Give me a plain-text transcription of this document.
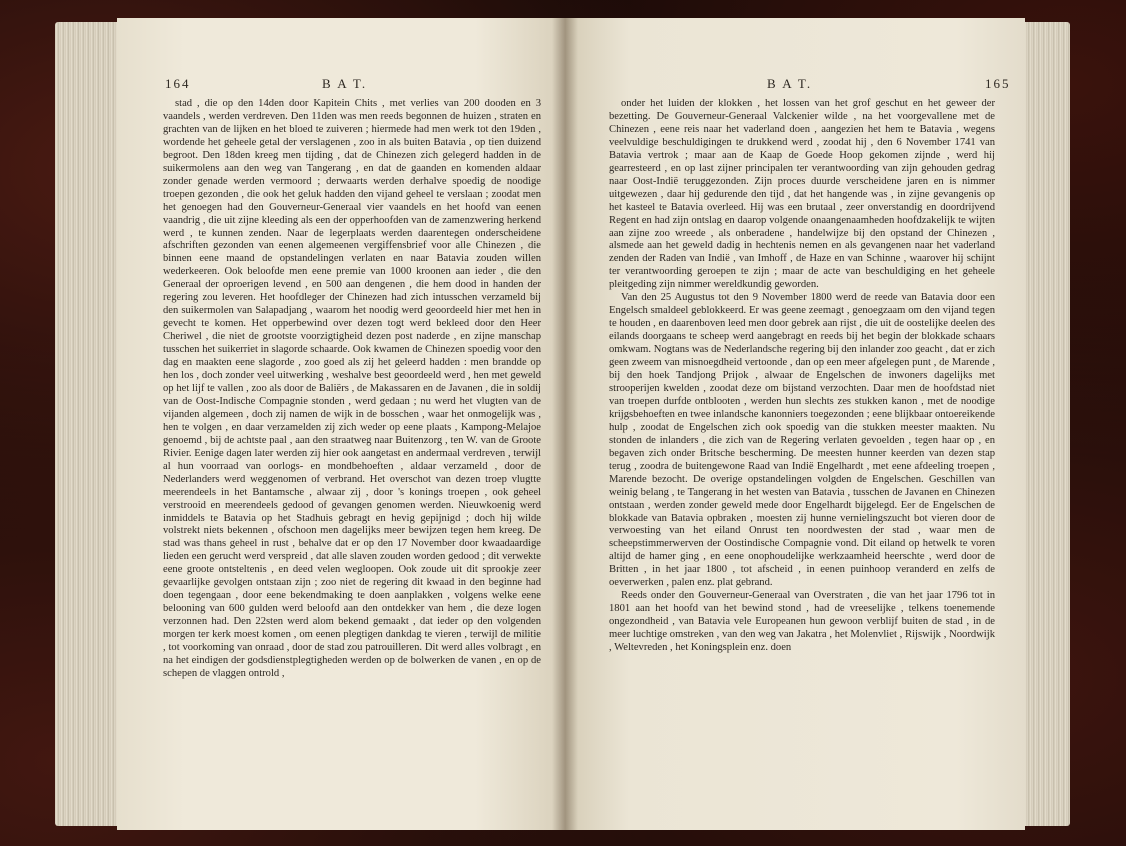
164	B A T.

stad , die op den 14den door Kapitein Chits , met verlies van 200 dooden en 3 vaandels , werden verdreven. Den 11den was men reeds begonnen de huizen , straten en grachten van de lijken en het bloed te zuiveren ; hiermede had men werk tot den 19den , wordende het geheele getal der verslagenen , zoo in als buiten Batavia , op tien duizend begroot. Den 18den kreeg men tijding , dat de Chinezen zich gelegerd hadden in de suikermolens aan den weg van Tangerang , en dat de gaanden en komenden aldaar zonder genade werden vermoord ; derwaarts werden derhalve spoedig de noodige troepen gezonden , die ook het geluk hadden den vijand geheel te verslaan ; zoodat men het genoegen had den Gouverneur-Generaal vier vaandels en het hoofd van eenen vaandrig , die uit zijne kleeding als een der opperhoofden van de zamenzwering herkend werd , te kunnen zenden. Naar de legerplaats werden daarentegen onderscheidene afschriften gezonden van eenen algemeenen vergiffensbrief voor alle Chinezen , die binnen eene maand de opstandelingen verlaten en naar Batavia zouden willen wederkeeren. Ook beloofde men eene premie van 1000 kroonen aan ieder , die den Generaal der oproerigen levend , en 500 aan dengenen , die hem dood in handen der regering zou leveren. Het hoofdleger der Chinezen had zich intusschen verzameld bij den suikermolen van Salapadjang , waarom het noodig werd geoordeeld hier met hen in gevecht te komen. Het opperbewind over dezen togt werd bekleed door den Heer Cheriwel , die niet de grootste voorzigtigheid dezen post naderde , en zijne manschap tusschen het suikerriet in slagorde schaarde. Ook kwamen de Chinezen spoedig voor den dag en maakten eene slagorde , zoo goed als zij het geleerd hadden : men brandde op hen los , doch zonder veel uitwerking , weshalve best geoordeeld werd , hen met geweld op het lijf te vallen , zoo als door de Baliërs , de Makassaren en de Javanen , die in soldij van de Oost-Indische Compagnie stonden , werd gedaan ; nu werd het vlugten van de vijanden algemeen , doch zij namen de wijk in de bosschen , waar het onmogelijk was , hen te volgen , en daar verzamelden zij zich weder op eene plaats , Kampong-Melajoe genoemd , bij de achtste paal , aan den straatweg naar Buitenzorg , ten W. van de Groote Rivier. Eenige dagen later werden zij hier ook aangetast en andermaal verdreven , terwijl al hun voorraad van oorlogs- en mondbehoeften , aldaar verzameld , door de Nederlanders werd weggenomen of verbrand. Het overschot van dezen troep vlugtte meerendeels in het Bantamsche , alwaar zij , door 's konings troepen , ook geheel verstrooid en meerendeels gedood of gevangen genomen werden. Nieuwkoenig werd inmiddels te Batavia op het Stadhuis gebragt en hevig gepijnigd ; doch hij wilde volstrekt niets bekennen , ofschoon men dagelijks meer bewijzen tegen hem kreeg. De stad was thans geheel in rust , behalve dat er op den 17 November door kwaadaardige lieden een gerucht werd verspreid , dat alle slaven zouden worden gedood ; dit verwekte eene groote ontsteltenis , en deed velen wegloopen. Ook zoude uit dit sprookje zeer gevaarlijke gevolgen ontstaan zijn ; zoo niet de regering dit kwaad in den beginne had doen tegengaan , door eene bekendmaking te doen aanplakken , volgens welke eene belooning van 600 gulden werd beloofd aan den ontdekker van hem , die deze logen verzonnen had. Den 22sten werd alom bekend gemaakt , dat ieder op den volgenden morgen ter kerk moest komen , om eenen plegtigen dankdag te vieren , terwijl de militie , tot voorkoming van onraad , door de stad zou patrouilleren. Dit werd alles volbragt , en na het eindigen der godsdienstplegtigheden werden op de bolwerken de vanen , en op de schepen de vlaggen ontrold ,

B A T.	165

onder het luiden der klokken , het lossen van het grof geschut en het geweer der bezetting. De Gouverneur-Generaal Valckenier wilde , na het voorgevallene met de Chinezen , eene reis naar het vaderland doen , aangezien het hem te Batavia , wegens veelvuldige beschuldigingen te drukkend werd , zoodat hij , den 6 November 1741 van Batavia vertrok ; maar aan de Kaap de Goede Hoop gekomen zijnde , werd hij gearresteerd , en op last zijner principalen ter verantwoording van zijn gehouden gedrag naar Oost-Indië teruggezonden. Zijn proces duurde verscheidene jaren en is nimmer uitgewezen , daar hij gedurende den tijd , dat het hangende was , in zijne gevangenis op het kasteel te Batavia overleed. Hij was een brutaal , zeer onverstandig en doordrijvend Regent en had zijn ontslag en daarop volgende onaangenaamheden hoofdzakelijk te wijten aan zijne zoo wreede , als onberadene , handelwijze bij den opstand der Chinezen , alsmede aan het geweld dadig in hechtenis nemen en als gevangenen naar het vaderland zenden der Raden van Indië , van Imhoff , de Haze en van Schinne , waarover hij schijnt ter verantwoording geroepen te zijn ; maar de acte van beschuldiging en het geheele pleitgeding zijn nimmer wereldkundig geworden.

Van den 25 Augustus tot den 9 November 1800 werd de reede van Batavia door een Engelsch smaldeel geblokkeerd. Er was geene zeemagt , genoegzaam om den vijand tegen te houden , en daarenboven leed men door gebrek aan rijst , die uit de oostelijke deelen des eilands doorgaans te scheep werd aangebragt en reeds bij het begin der blokkade schaars omkwam. Nogtans was de Nederlandsche regering bij den inlander zoo geacht , dat er zich geen zweem van misnoegdheid vertoonde , dan op een meer afgelegen punt , de Marende , bij den hoek Tandjong Prijok , alwaar de Engelschen de inwoners dagelijks met strooperijen kwelden , zoodat deze om bijstand verzochten. Daar men de hoofdstad niet van troepen durfde ontblooten , werden hun slechts zes stukken kanon , met de noodige krijgsbehoeften en twee inlandsche kanonniers toegezonden ; eene blijkbaar ontoereikende hulp , zoodat de Engelschen zich ook spoedig van die stukken meester maakten. Nu stonden de inlanders , die zich van de Regering verlaten gevoelden , tegen haar op , en begaven zich onder Britsche bescherming. De meesten hunner keerden van dezen stap terug , zoodra de buitengewone Raad van Indië Engelhardt , met eene afdeeling troepen , Marende bezocht. De overige opstandelingen volgden de Engelschen. Geschillen van weinig belang , te Tangerang in het westen van Batavia , tusschen de Javanen en Chinezen ontstaan , werden zonder geweld mede door Engelhardt bijgelegd. Eer de Engelschen de blokkade van Batavia opbraken , moesten zij hunne vernielingszucht bot vieren door de verwoesting van het eiland Onrust ten noordwesten der stad , waar men de scheepstimmerwerven der Oostindische Compagnie vond. Dit eiland op hetwelk te voren altijd de hamer ging , en eene onophoudelijke werkzaamheid heerschte , werd door de Britten , in het jaar 1800 , tot afscheid , in eenen puinhoop veranderd en zelfs de oeverwerken , palen enz. plat gebrand.

Reeds onder den Gouverneur-Generaal van Overstraten , die van het jaar 1796 tot in 1801 aan het hoofd van het bewind stond , had de vreeselijke , telkens toenemende ongezondheid , van Batavia vele Europeanen hun gewoon verblijf buiten de stad , in de meer luchtige omstreken , van den weg van Jakatra , het Molenvliet , Rijswijk , Noordwijk , Weltevreden , het Koningsplein enz. doen
